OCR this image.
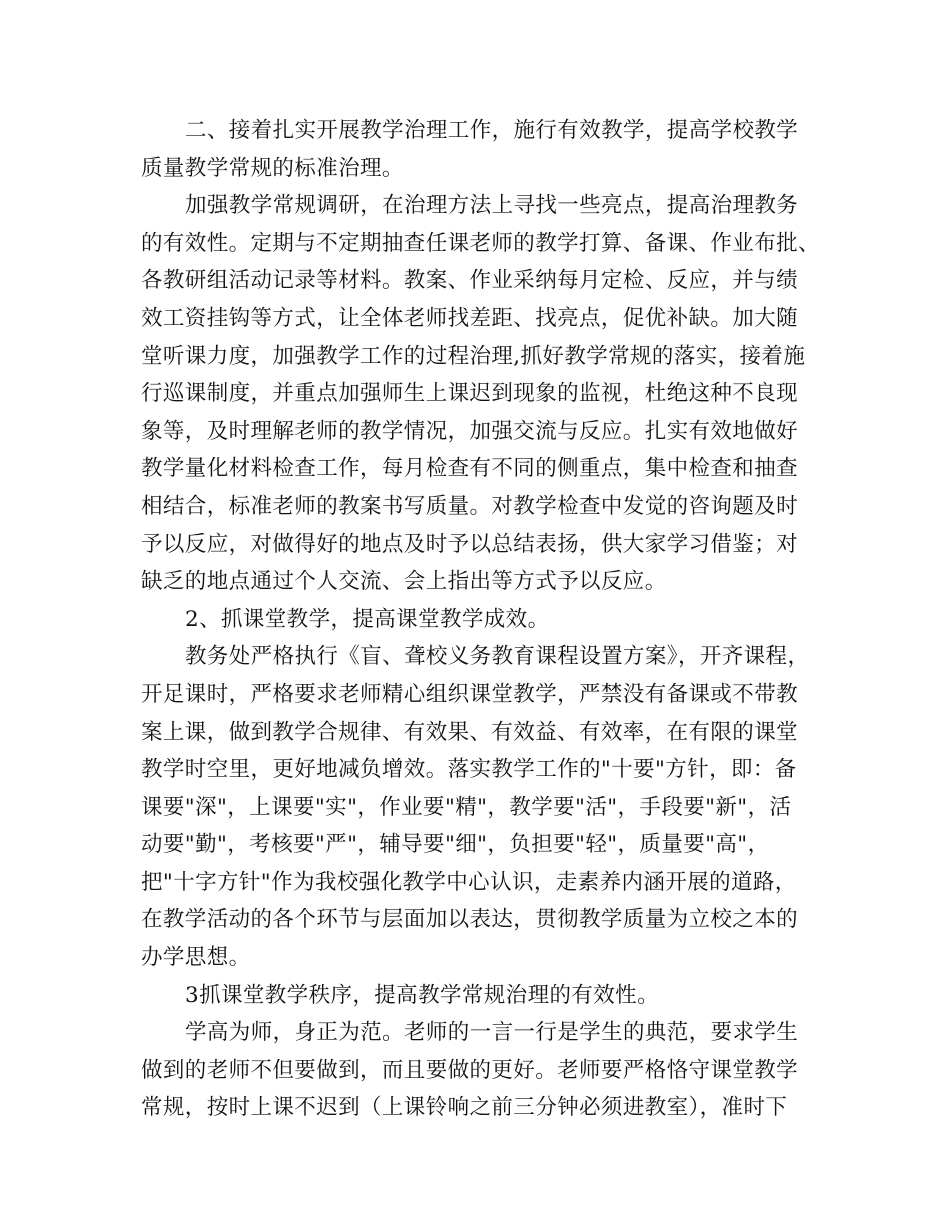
二、接着扎实开展教学治理工作，施行有效教学，提高学校教学
质量教学常规的标准治理。
加强教学常规调研，在治理方法上寻找一些亮点，提高治理教务
的有效性。定期与不定期抽查任课老师的教学打算、备课、作业布批、
各教研组活动记录等材料。教案、作业采纳每月定检、反应，并与绩
效工资挂钩等方式，让全体老师找差距、找亮点，促优补缺。加大随
堂听课力度，加强教学工作的过程治理,抓好教学常规的落实，接着施
行巡课制度，并重点加强师生上课迟到现象的监视，杜绝这种不良现
象等，及时理解老师的教学情况，加强交流与反应。扎实有效地做好
教学量化材料检查工作，每月检查有不同的侧重点，集中检查和抽查
相结合，标准老师的教案书写质量。对教学检查中发觉的咨询题及时
予以反应，对做得好的地点及时予以总结表扬，供大家学习借鉴；对
缺乏的地点通过个人交流、会上指出等方式予以反应。
2、抓课堂教学，提高课堂教学成效。
教务处严格执行《盲、聋校义务教育课程设置方案》，开齐课程，
开足课时，严格要求老师精心组织课堂教学，严禁没有备课或不带教
案上课，做到教学合规律、有效果、有效益、有效率，在有限的课堂
教学时空里，更好地减负增效。落实教学工作的"十要"方针，即：备
课要"深"，上课要"实"，作业要"精"，教学要"活"，手段要"新"，活
动要"勤"，考核要"严"，辅导要"细"，负担要"轻"，质量要"高"，
把"十字方针"作为我校强化教学中心认识，走素养内涵开展的道路，
在教学活动的各个环节与层面加以表达，贯彻教学质量为立校之本的
办学思想。
3抓课堂教学秩序，提高教学常规治理的有效性。
学高为师，身正为范。老师的一言一行是学生的典范，要求学生
做到的老师不但要做到，而且要做的更好。老师要严格恪守课堂教学
常规，按时上课不迟到（上课铃响之前三分钟必须进教室），准时下
